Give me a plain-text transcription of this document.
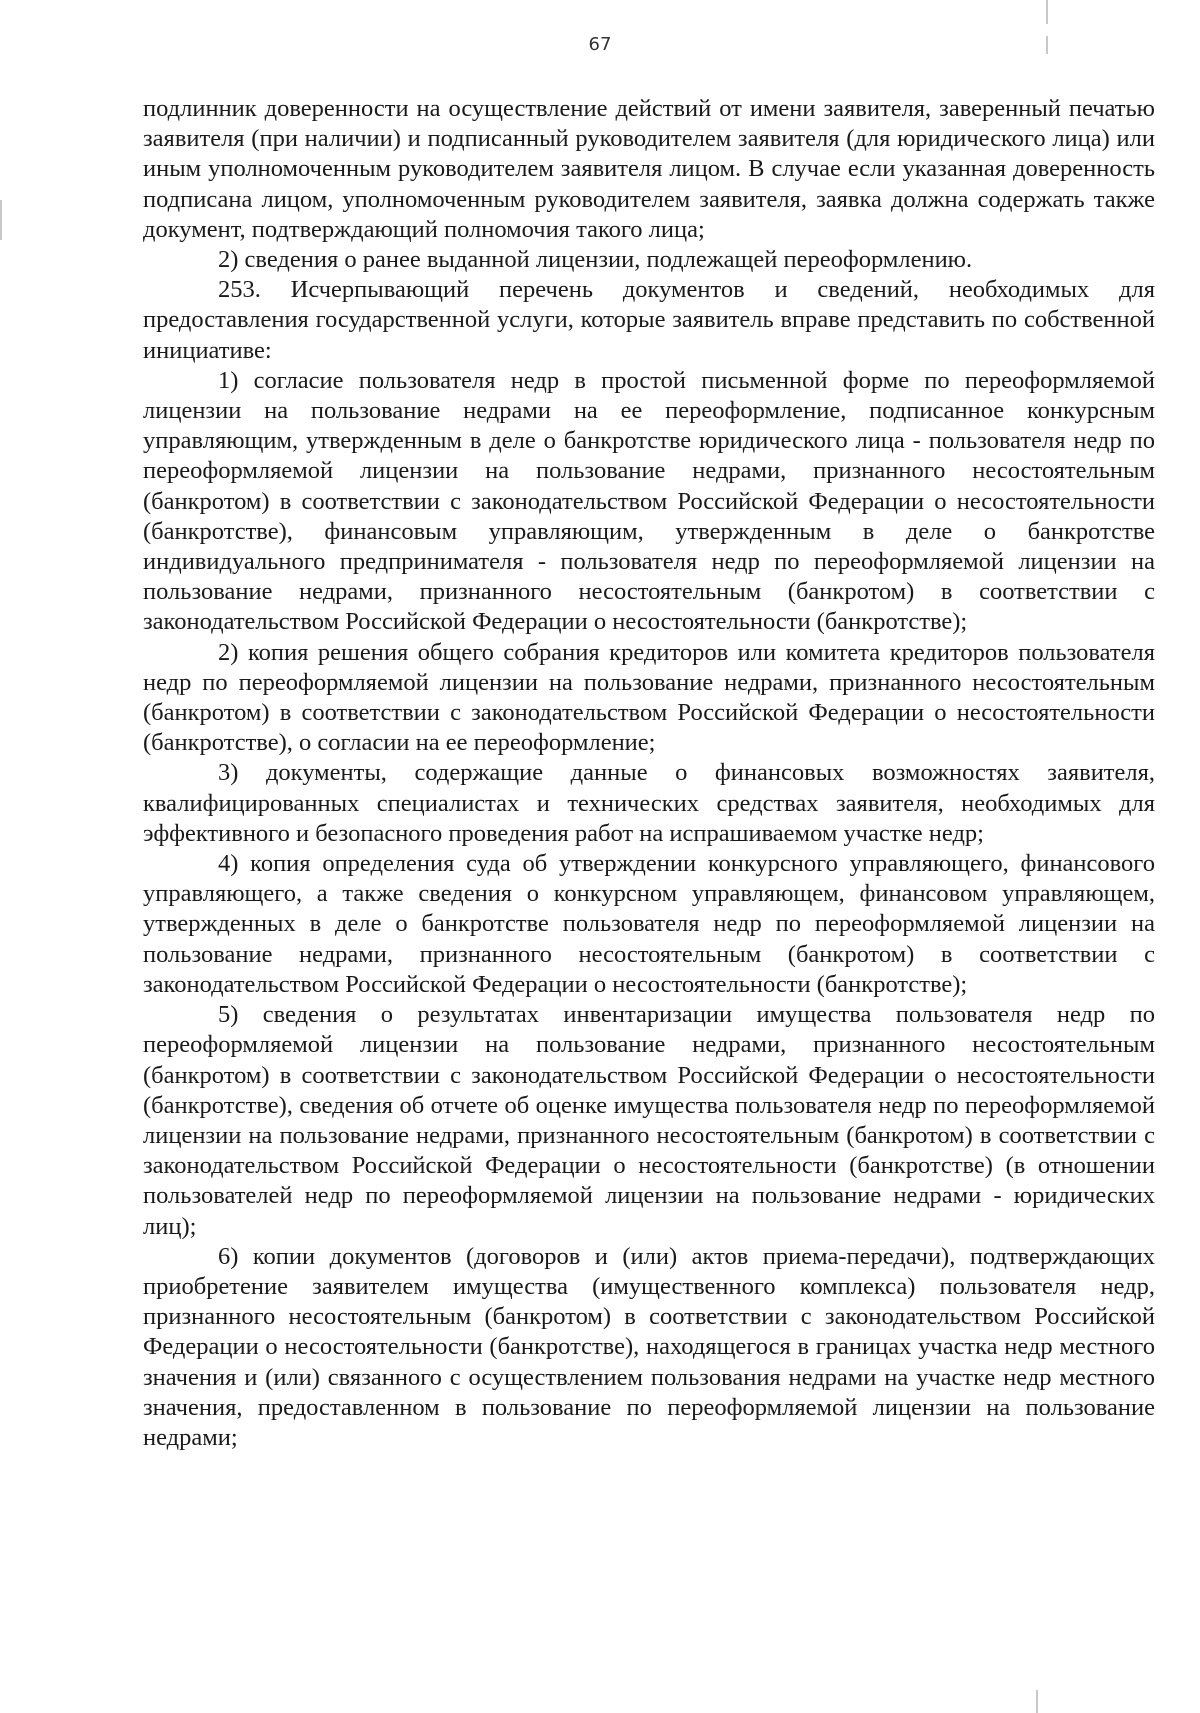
67

подлинник доверенности на осуществление действий от имени заявителя, заверенный печатью заявителя (при наличии) и подписанный руководителем заявителя (для юридического лица) или иным уполномоченным руководителем заявителя лицом. В случае если указанная доверенность подписана лицом, уполномоченным руководителем заявителя, заявка должна содержать также документ, подтверждающий полномочия такого лица;

2) сведения о ранее выданной лицензии, подлежащей переоформлению.

253. Исчерпывающий перечень документов и сведений, необходимых для предоставления государственной услуги, которые заявитель вправе представить по собственной инициативе:

1) согласие пользователя недр в простой письменной форме по переоформляемой лицензии на пользование недрами на ее переоформление, подписанное конкурсным управляющим, утвержденным в деле о банкротстве юридического лица - пользователя недр по переоформляемой лицензии на пользование недрами, признанного несостоятельным (банкротом) в соответствии с законодательством Российской Федерации о несостоятельности (банкротстве), финансовым управляющим, утвержденным в деле о банкротстве индивидуального предпринимателя - пользователя недр по переоформляемой лицензии на пользование недрами, признанного несостоятельным (банкротом) в соответствии с законодательством Российской Федерации о несостоятельности (банкротстве);

2) копия решения общего собрания кредиторов или комитета кредиторов пользователя недр по переоформляемой лицензии на пользование недрами, признанного несостоятельным (банкротом) в соответствии с законодательством Российской Федерации о несостоятельности (банкротстве), о согласии на ее переоформление;

3) документы, содержащие данные о финансовых возможностях заявителя, квалифицированных специалистах и технических средствах заявителя, необходимых для эффективного и безопасного проведения работ на испрашиваемом участке недр;

4) копия определения суда об утверждении конкурсного управляющего, финансового управляющего, а также сведения о конкурсном управляющем, финансовом управляющем, утвержденных в деле о банкротстве пользователя недр по переоформляемой лицензии на пользование недрами, признанного несостоятельным (банкротом) в соответствии с законодательством Российской Федерации о несостоятельности (банкротстве);

5) сведения о результатах инвентаризации имущества пользователя недр по переоформляемой лицензии на пользование недрами, признанного несостоятельным (банкротом) в соответствии с законодательством Российской Федерации о несостоятельности (банкротстве), сведения об отчете об оценке имущества пользователя недр по переоформляемой лицензии на пользование недрами, признанного несостоятельным (банкротом) в соответствии с законодательством Российской Федерации о несостоятельности (банкротстве) (в отношении пользователей недр по переоформляемой лицензии на пользование недрами - юридических лиц);

6) копии документов (договоров и (или) актов приема-передачи), подтверждающих приобретение заявителем имущества (имущественного комплекса) пользователя недр, признанного несостоятельным (банкротом) в соответствии с законодательством Российской Федерации о несостоятельности (банкротстве), находящегося в границах участка недр местного значения и (или) связанного с осуществлением пользования недрами на участке недр местного значения, предоставленном в пользование по переоформляемой лицензии на пользование недрами;
